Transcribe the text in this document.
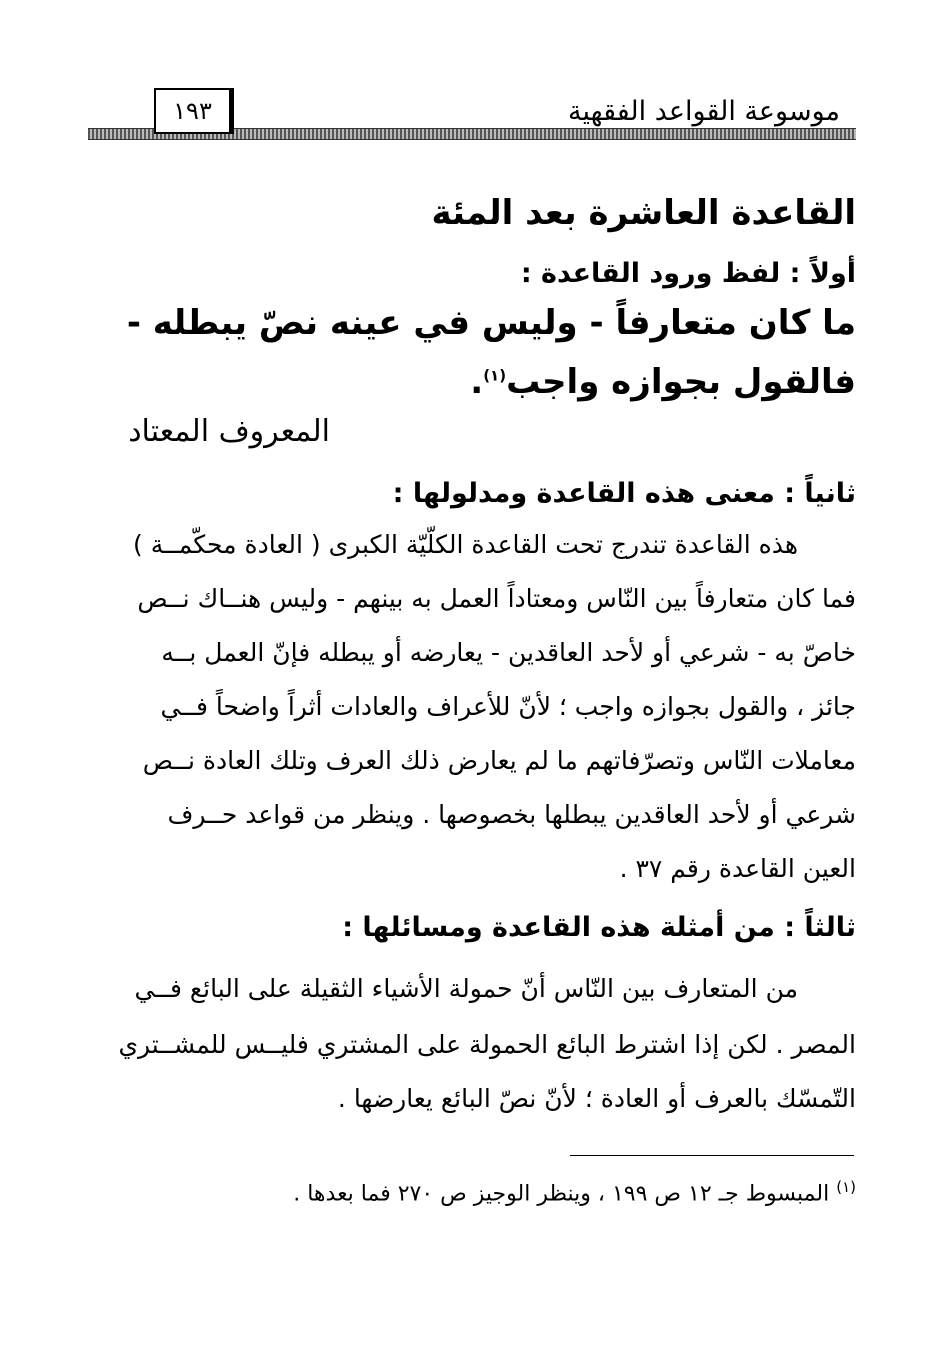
موسوعة القواعد الفقهية
١٩٣
القاعدة العاشرة بعد المئة
أولاً : لفظ ورود القاعدة :
ما كان متعارفاً - وليس في عينه نصّ يبطله -
فالقول بجوازه واجب$^{(١)}$.
المعروف المعتاد
ثانياً : معنى هذه القاعدة ومدلولها :
هذه القاعدة تندرج تحت القاعدة الكلّيّة الكبرى ( العادة محكّمــة )
فما كان متعارفاً بين النّاس ومعتاداً العمل به بينهم - وليس هنــاك نــص
خاصّ به - شرعي أو لأحد العاقدين - يعارضه أو يبطله فإنّ العمل بــه
جائز ، والقول بجوازه واجب ؛ لأنّ للأعراف والعادات أثراً واضحاً فــي
معاملات النّاس وتصرّفاتهم ما لم يعارض ذلك العرف وتلك العادة نــص
شرعي أو لأحد العاقدين يبطلها بخصوصها . وينظر من قواعد حــرف
العين القاعدة رقم ٣٧ .
ثالثاً : من أمثلة هذه القاعدة ومسائلها :
من المتعارف بين النّاس أنّ حمولة الأشياء الثقيلة على البائع فــي
المصر . لكن إذا اشترط البائع الحمولة على المشتري فليــس للمشــتري
التّمسّك بالعرف أو العادة ؛ لأنّ نصّ البائع يعارضها .
$^{(١)}$ المبسوط جـ ١٢ ص ١٩٩ ، وينظر الوجيز ص ٢٧٠ فما بعدها .
